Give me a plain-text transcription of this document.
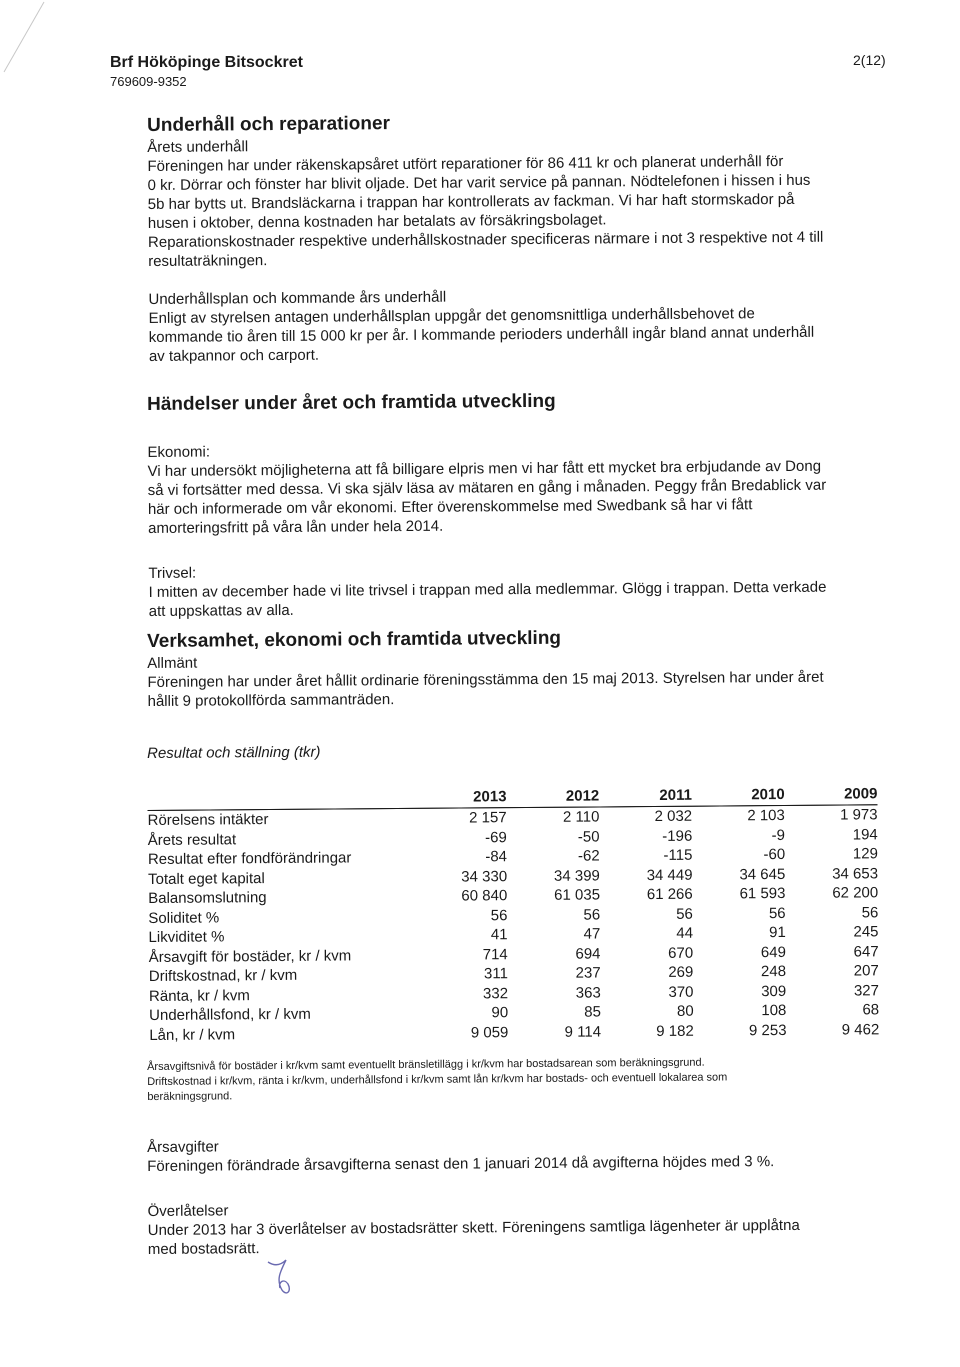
Brf Hököpinge Bitsockret
769609-9352
2(12)
Underhåll och reparationer

Årets underhåll

Föreningen har under räkenskapsåret utfört reparationer för 86 411 kr och planerat underhåll för

0 kr. Dörrar och fönster har blivit oljade. Det har varit service på pannan. Nödtelefonen i hissen i hus

5b har bytts ut. Brandsläckarna i trappan har kontrollerats av fackman. Vi har haft stormskador på

husen i oktober, denna kostnaden har betalats av försäkringsbolaget.

Reparationskostnader respektive underhållskostnader specificeras närmare i not 3 respektive not 4 till

resultaträkningen.

Underhållsplan och kommande års underhåll

Enligt av styrelsen antagen underhållsplan uppgår det genomsnittliga underhållsbehovet de

kommande tio åren till 15 000 kr per år. I kommande perioders underhåll ingår bland annat underhåll

av takpannor och carport.

Händelser under året och framtida utveckling

Ekonomi:

Vi har undersökt möjligheterna att få billigare elpris men vi har fått ett mycket bra erbjudande av Dong

så vi fortsätter med dessa. Vi ska själv läsa av mätaren en gång i månaden. Peggy från Bredablick var

här och informerade om vår ekonomi. Efter överenskommelse med Swedbank så har vi fått

amorteringsfritt på våra lån under hela 2014.

Trivsel:

I mitten av december hade vi lite trivsel i trappan med alla medlemmar. Glögg i trappan. Detta verkade

att uppskattas av alla.

Verksamhet, ekonomi och framtida utveckling

Allmänt

Föreningen har under året hållit ordinarie föreningsstämma den 15 maj 2013. Styrelsen har under året

hållit 9 protokollförda sammanträden.

Resultat och ställning (tkr)

	2013	2012	2011	2010	2009
Rörelsens intäkter	2 157	2 110	2 032	2 103	1 973
Årets resultat	-69	-50	-196	-9	194
Resultat efter fondförändringar	-84	-62	-115	-60	129
Totalt eget kapital	34 330	34 399	34 449	34 645	34 653
Balansomslutning	60 840	61 035	61 266	61 593	62 200
Soliditet %	56	56	56	56	56
Likviditet %	41	47	44	91	245
Årsavgift för bostäder, kr / kvm	714	694	670	649	647
Driftskostnad, kr / kvm	311	237	269	248	207
Ränta, kr / kvm	332	363	370	309	327
Underhållsfond, kr / kvm	90	85	80	108	68
Lån, kr / kvm	9 059	9 114	9 182	9 253	9 462

Årsavgiftsnivå för bostäder i kr/kvm samt eventuellt bränsletillägg i kr/kvm har bostadsarean som beräkningsgrund.

Driftskostnad i kr/kvm, ränta i kr/kvm, underhållsfond i kr/kvm samt lån kr/kvm har bostads- och eventuell lokalarea som

beräkningsgrund.

Årsavgifter

Föreningen förändrade årsavgifterna senast den 1 januari 2014 då avgifterna höjdes med 3 %.

Överlåtelser

Under 2013 har 3 överlåtelser av bostadsrätter skett. Föreningens samtliga lägenheter är upplåtna

med bostadsrätt.
